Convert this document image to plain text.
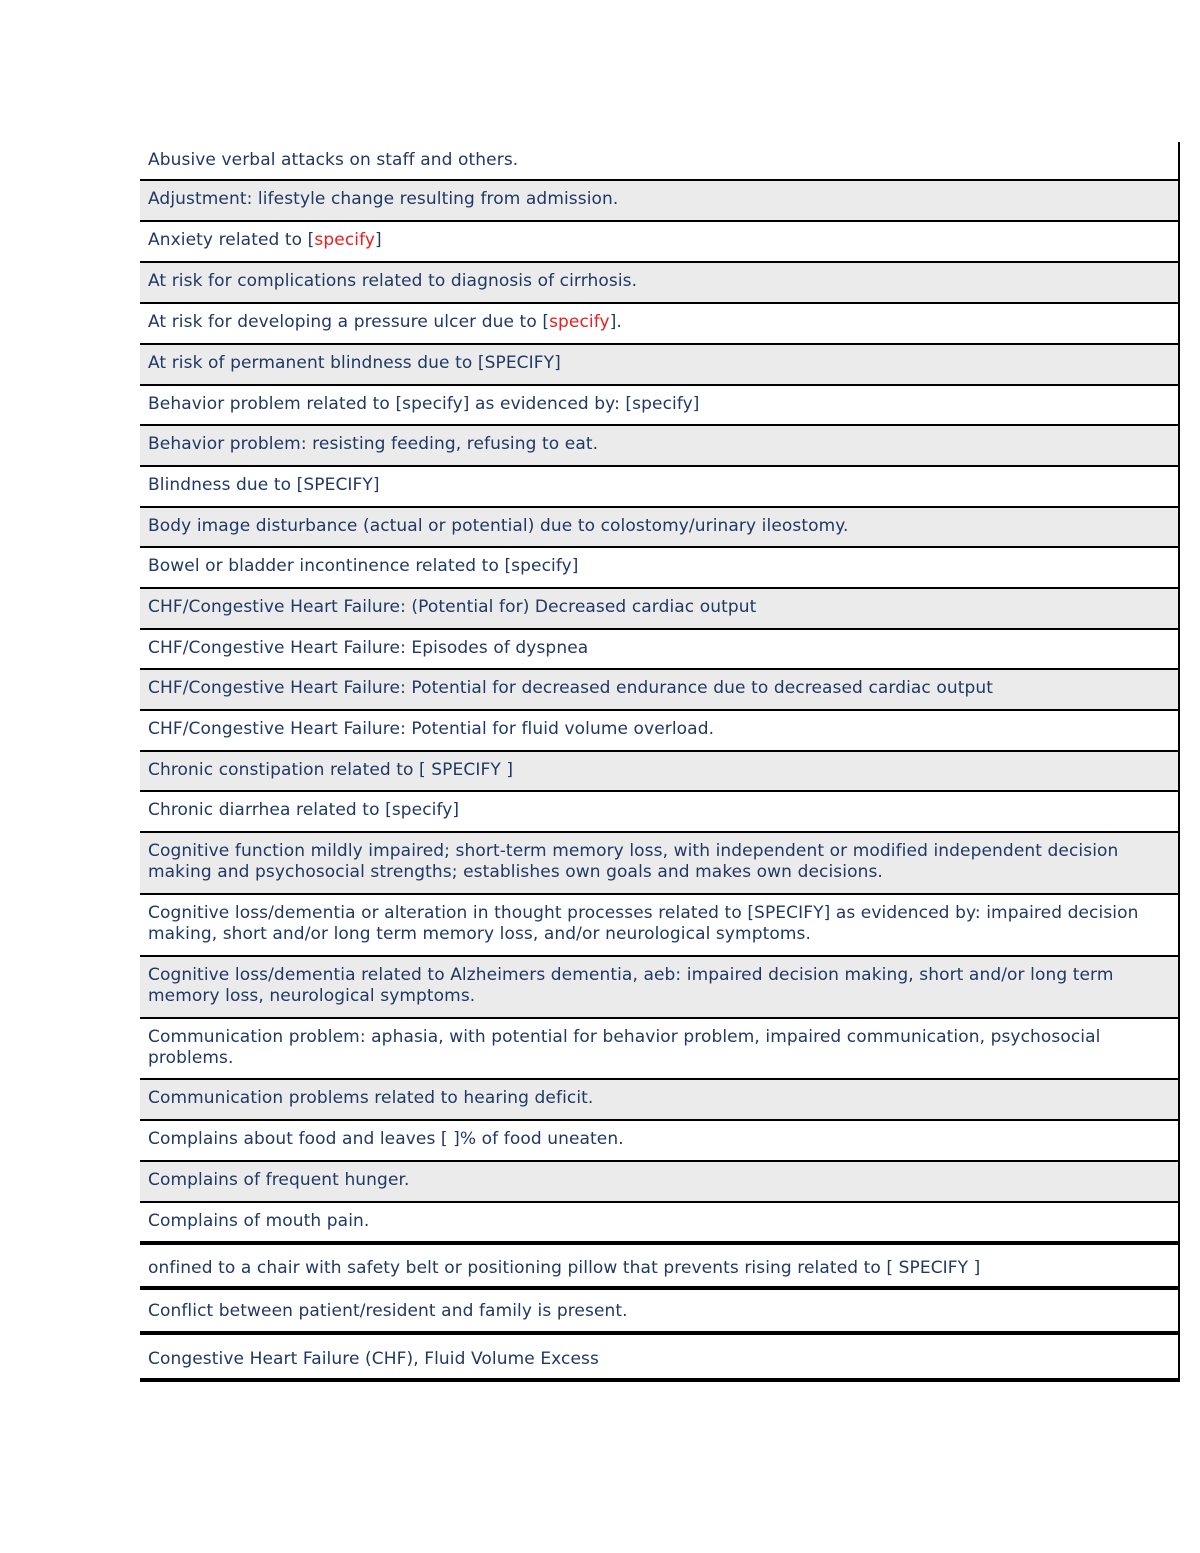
Abusive verbal attacks on staff and others.
Adjustment: lifestyle change resulting from admission.
Anxiety related to [specify]
At risk for complications related to diagnosis of cirrhosis.
At risk for developing a pressure ulcer due to [specify].
At risk of permanent blindness due to [SPECIFY]
Behavior problem related to [specify] as evidenced by: [specify]
Behavior problem: resisting feeding, refusing to eat.
Blindness due to [SPECIFY]
Body image disturbance (actual or potential) due to colostomy/urinary ileostomy.
Bowel or bladder incontinence related to [specify]
CHF/Congestive Heart Failure: (Potential for) Decreased cardiac output
CHF/Congestive Heart Failure: Episodes of dyspnea
CHF/Congestive Heart Failure: Potential for decreased endurance due to decreased cardiac output
CHF/Congestive Heart Failure: Potential for fluid volume overload.
Chronic constipation related to [ SPECIFY ]
Chronic diarrhea related to [specify]
Cognitive function mildly impaired; short-term memory loss, with independent or modified independent decision making and psychosocial strengths; establishes own goals and makes own decisions.
Cognitive loss/dementia or alteration in thought processes related to [SPECIFY] as evidenced by: impaired decision making, short and/or long term memory loss, and/or neurological symptoms.
Cognitive loss/dementia related to Alzheimers dementia, aeb: impaired decision making, short and/or long term memory loss, neurological symptoms.
Communication problem: aphasia, with potential for behavior problem, impaired communication, psychosocial problems.
Communication problems related to hearing deficit.
Complains about food and leaves [ ]% of food uneaten.
Complains of frequent hunger.
Complains of mouth pain.
onfined to a chair with safety belt or positioning pillow that prevents rising related to [ SPECIFY ]
Conflict between patient/resident and family is present.
Congestive Heart Failure (CHF), Fluid Volume Excess
